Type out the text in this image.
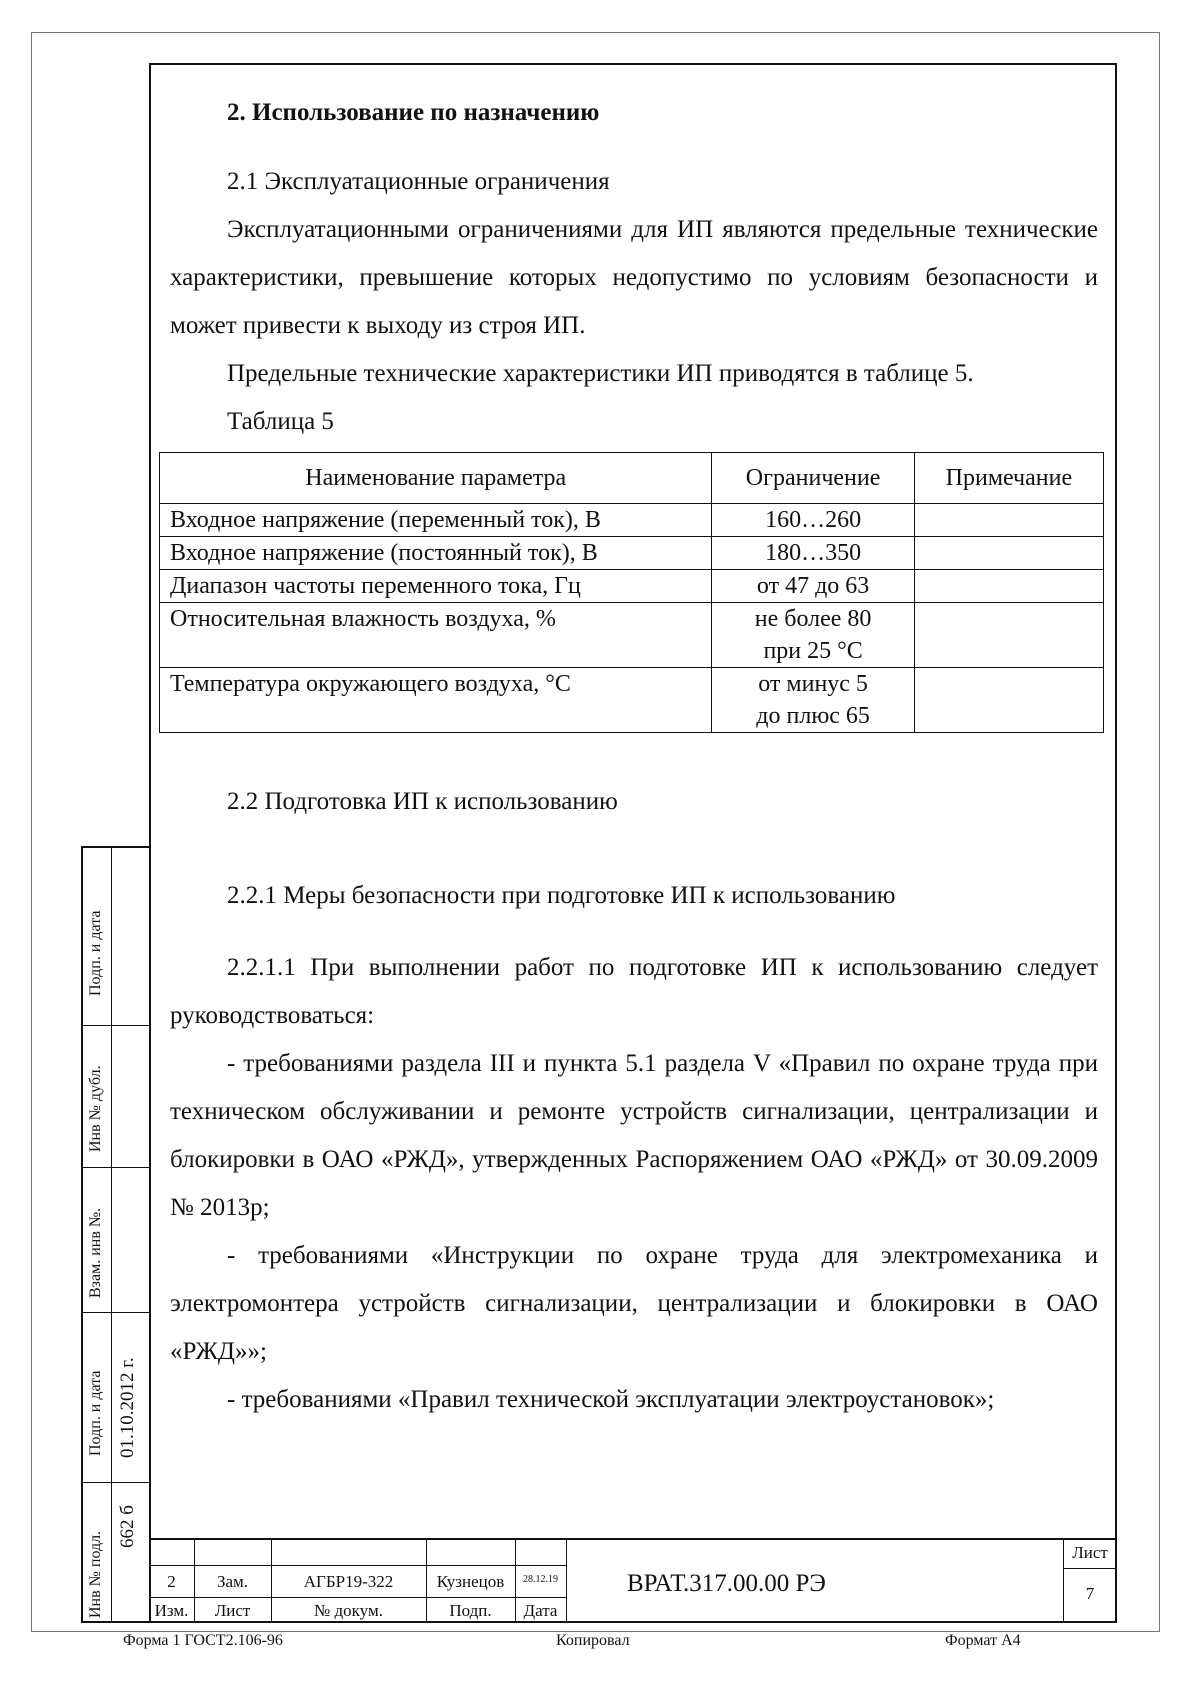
2. Использование по назначению

2.1 Эксплуатационные ограничения

Эксплуатационными ограничениями для ИП являются предельные технические характеристики, превышение которых недопустимо по условиям безопасности и может привести к выходу из строя ИП.

Предельные технические характеристики ИП приводятся в таблице 5.

Таблица 5

Наименование параметра	Ограничение	Примечание
Входное напряжение (переменный ток), В	160…260	
Входное напряжение (постоянный ток), В	180…350	
Диапазон частоты переменного тока, Гц	от 47 до 63	
Относительная влажность воздуха, %	не более 80
при 25 °С	

Температура окружающего воздуха, °С	от минус 5
до плюс 65	

2.2 Подготовка ИП к использованию

2.2.1 Меры безопасности при подготовке ИП к использованию

2.2.1.1 При выполнении работ по подготовке ИП к использованию следует руководствоваться:

- требованиями раздела III и пункта 5.1 раздела V «Правил по охране труда при техническом обслуживании и ремонте устройств сигнализации, централизации и блокировки в ОАО «РЖД», утвержденных Распоряжением ОАО «РЖД» от 30.09.2009 № 2013р;

- требованиями «Инструкции по охране труда для электромеханика и электромонтера устройств сигнализации, централизации и блокировки в ОАО «РЖД»»;

- требованиями «Правил технической эксплуатации электроустановок»;

Подп. и дата
Инв № дубл.
Взам. инв №.
Подп. и дата 01.10.2012 г.
Инв № подл.
662 б
2	Зам.	АГБР19-322	Кузнецов	28.12.19
Изм.	Лист	№ докум.	Подп.	Дата
Лист
7
ВРАТ.317.00.00 РЭ
Форма 1 ГОСТ2.106-96	Копировал	Формат А4
